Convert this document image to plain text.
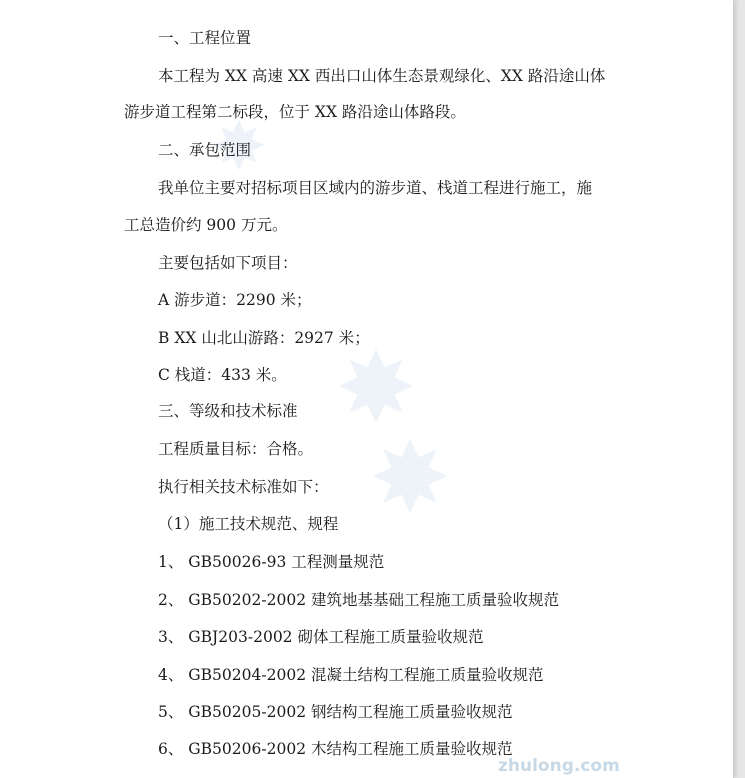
zhulong.com
一、工程位置
本工程为 XX 高速 XX 西出口山体生态景观绿化、XX 路沿途山体
游步道工程第二标段，位于 XX 路沿途山体路段。
二、承包范围
我单位主要对招标项目区域内的游步道、栈道工程进行施工，施
工总造价约 900 万元。
主要包括如下项目：
A 游步道：2290 米；
B XX 山北山游路：2927 米；
C 栈道：433 米。
三、等级和技术标准
工程质量目标：合格。
执行相关技术标准如下：
（1）施工技术规范、规程
1、 GB50026-93 工程测量规范
2、 GB50202-2002 建筑地基基础工程施工质量验收规范
3、 GBJ203-2002 砌体工程施工质量验收规范
4、 GB50204-2002 混凝土结构工程施工质量验收规范
5、 GB50205-2002 钢结构工程施工质量验收规范
6、 GB50206-2002 木结构工程施工质量验收规范
